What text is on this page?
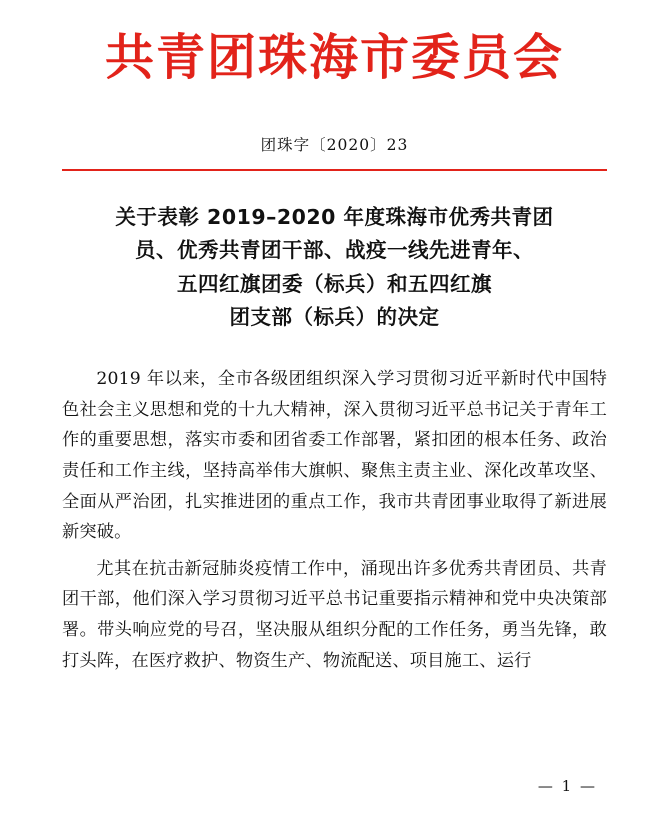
共青团珠海市委员会
团珠字〔2020〕23
关于表彰 2019–2020 年度珠海市优秀共青团
员、优秀共青团干部、战疫一线先进青年、
五四红旗团委（标兵）和五四红旗
团支部（标兵）的决定

2019 年以来，全市各级团组织深入学习贯彻习近平新时代中国特色社会主义思想和党的十九大精神，深入贯彻习近平总书记关于青年工作的重要思想，落实市委和团省委工作部署，紧扣团的根本任务、政治责任和工作主线，坚持高举伟大旗帜、聚焦主责主业、深化改革攻坚、全面从严治团，扎实推进团的重点工作，我市共青团事业取得了新进展新突破。

尤其在抗击新冠肺炎疫情工作中，涌现出许多优秀共青团员、共青团干部，他们深入学习贯彻习近平总书记重要指示精神和党中央决策部署。带头响应党的号召，坚决服从组织分配的工作任务，勇当先锋，敢打头阵，在医疗救护、物资生产、物流配送、项目施工、运行

— 1 —
